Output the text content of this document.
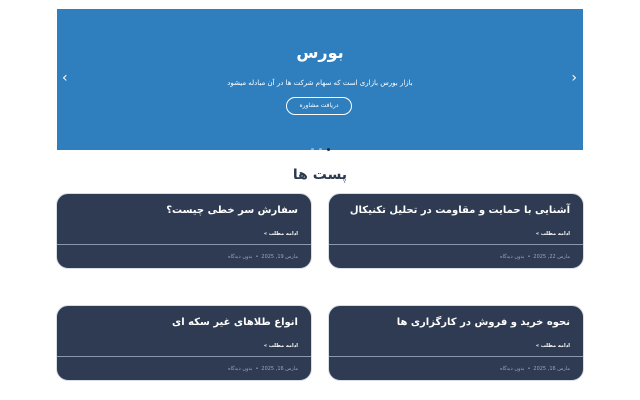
بورس
بازار بورس بازاری است که سهام شرکت ها در آن مبادله میشود
دریافت مشاوره
‹	›
پست ها
آشنایی با حمایت و مقاومت در تحلیل تکنیکال
ادامه مطلب »
مارس 22, 2025
•
بدون دیدگاه
سفارش سر خطی چیست؟
ادامه مطلب »
مارس 19, 2025
•
بدون دیدگاه
نحوه خرید و فروش در کارگزاری ها
ادامه مطلب »
مارس 16, 2025
•
بدون دیدگاه
انواع طلاهای غیر سکه ای
ادامه مطلب »
مارس 16, 2025
•
بدون دیدگاه
